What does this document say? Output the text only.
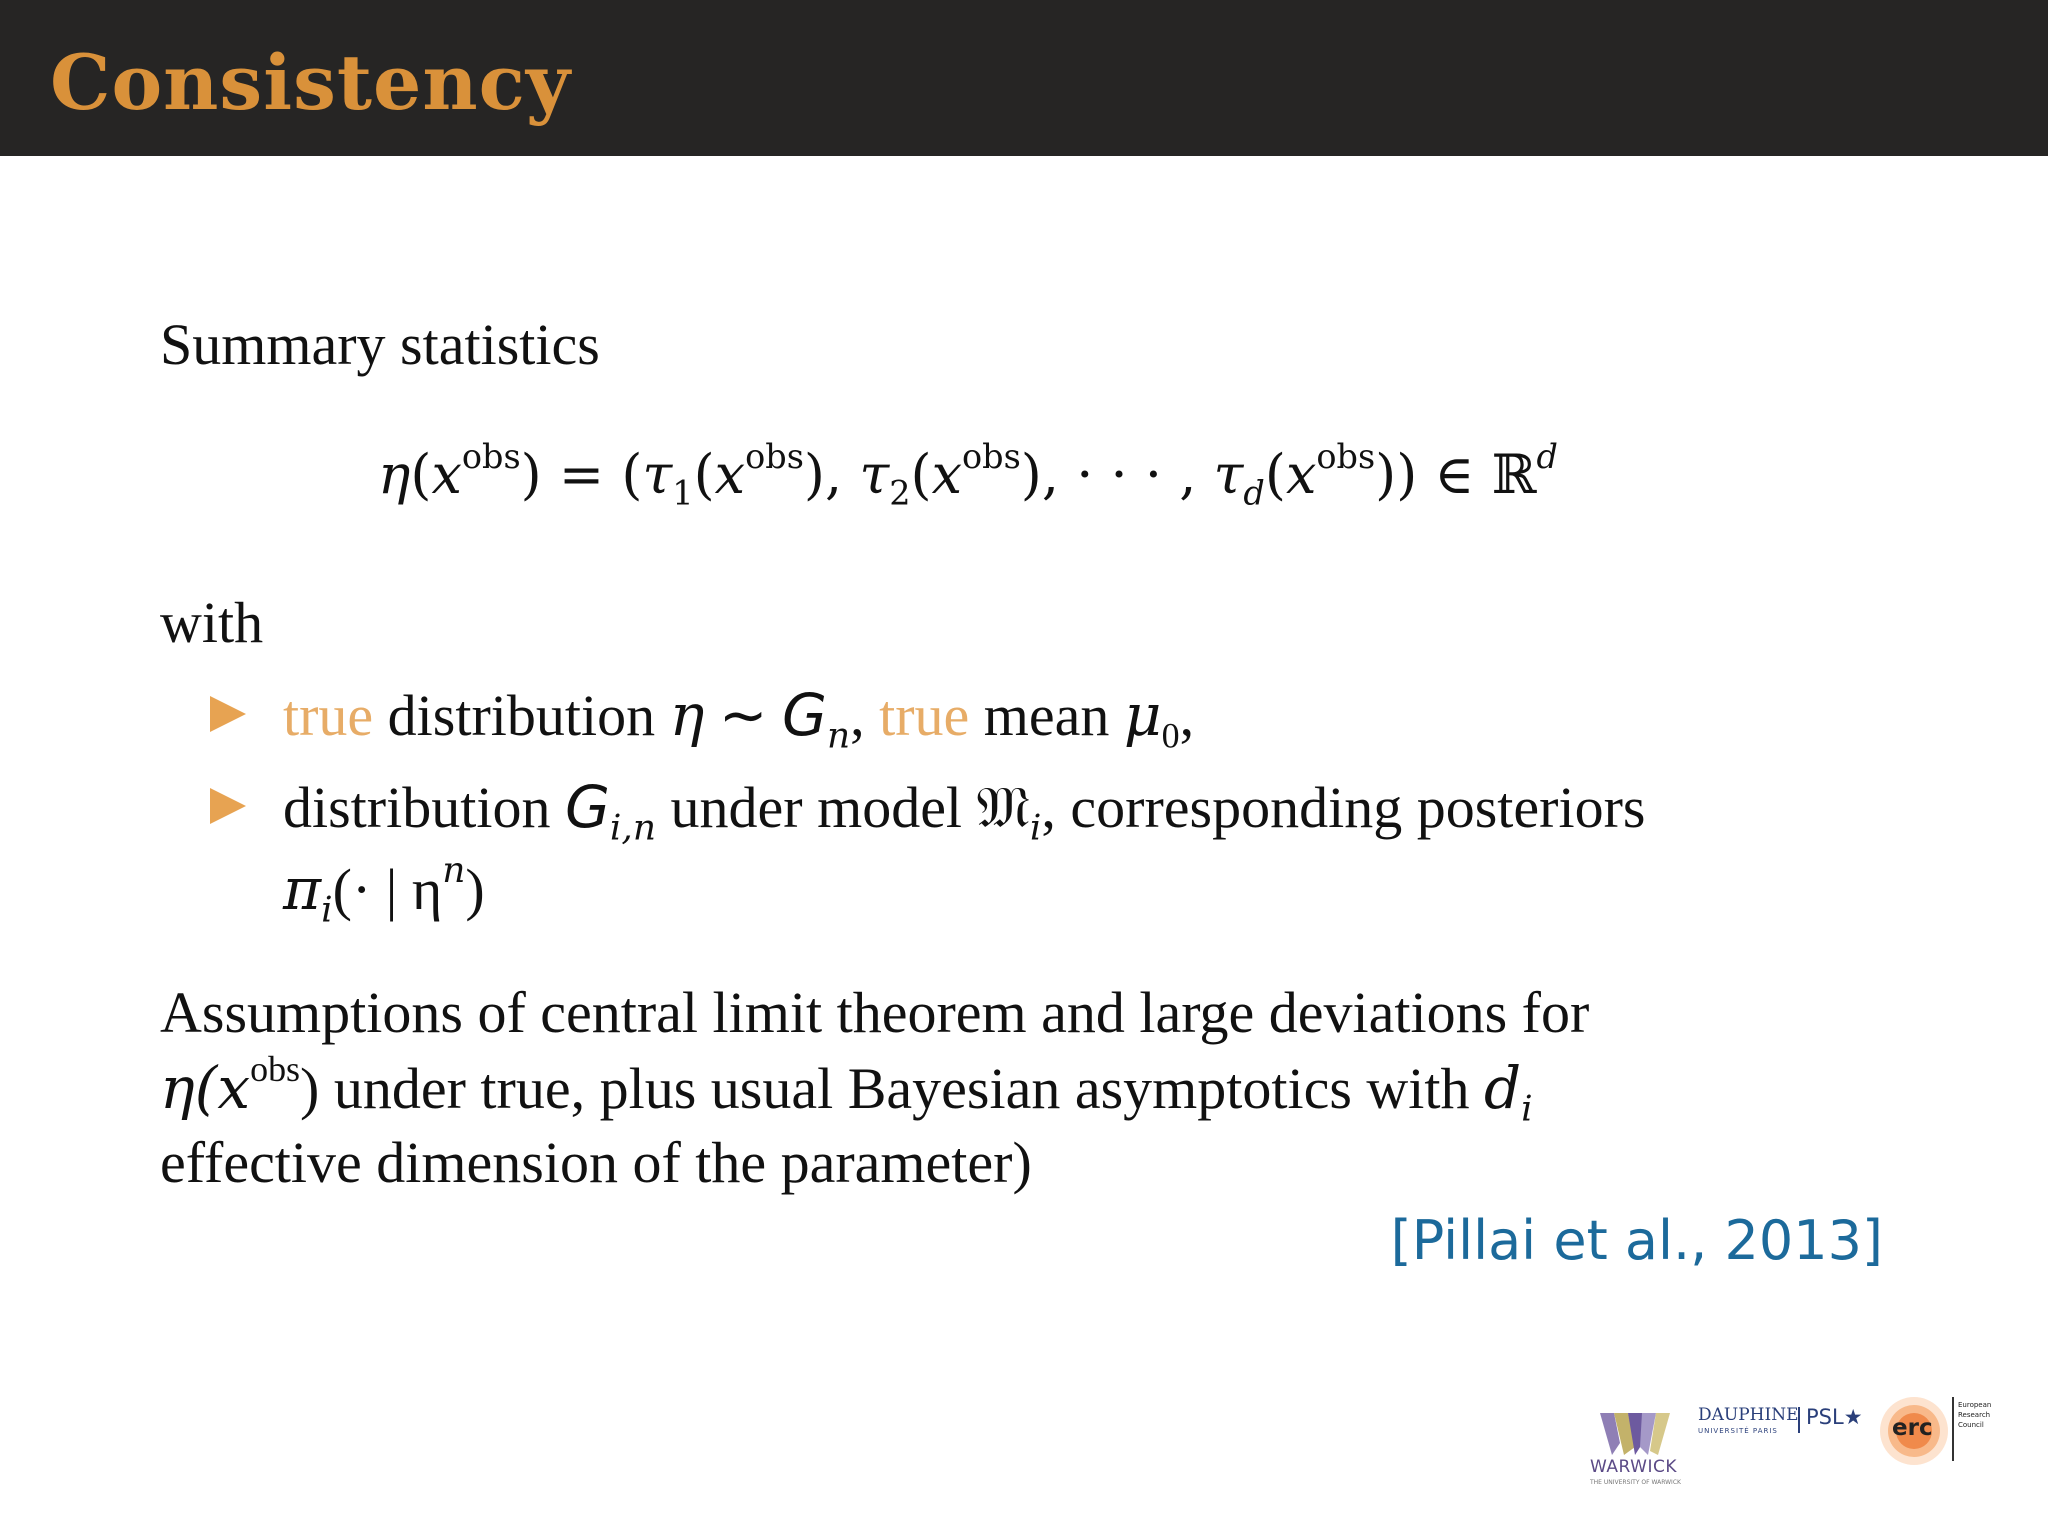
Consistency
Summary statistics
$\eta(x^{obs}) = (\tau_1(x^{obs})$, $\tau_2(x^{obs})$, · · · , $\tau_d(x^{obs})$) ∈ ℝ$^d$
with
true distribution η ∼ $G_n$, true mean $\mu_0$,
distribution $G_{i,n}$ under model 𝔐$_i$, corresponding posteriors
$\pi_i(\cdot$ | $\eta^n$)
Assumptions of central limit theorem and large deviations for
$\eta(x^{obs})$ under true, plus usual Bayesian asymptotics with $d_i$
effective dimension of the parameter)
[Pillai et al., 2013]
WARWICK
THE UNIVERSITY OF WARWICK
DAUPHINE
UNIVERSITÉ PARIS
PSL★ erc
European
Research
Council
